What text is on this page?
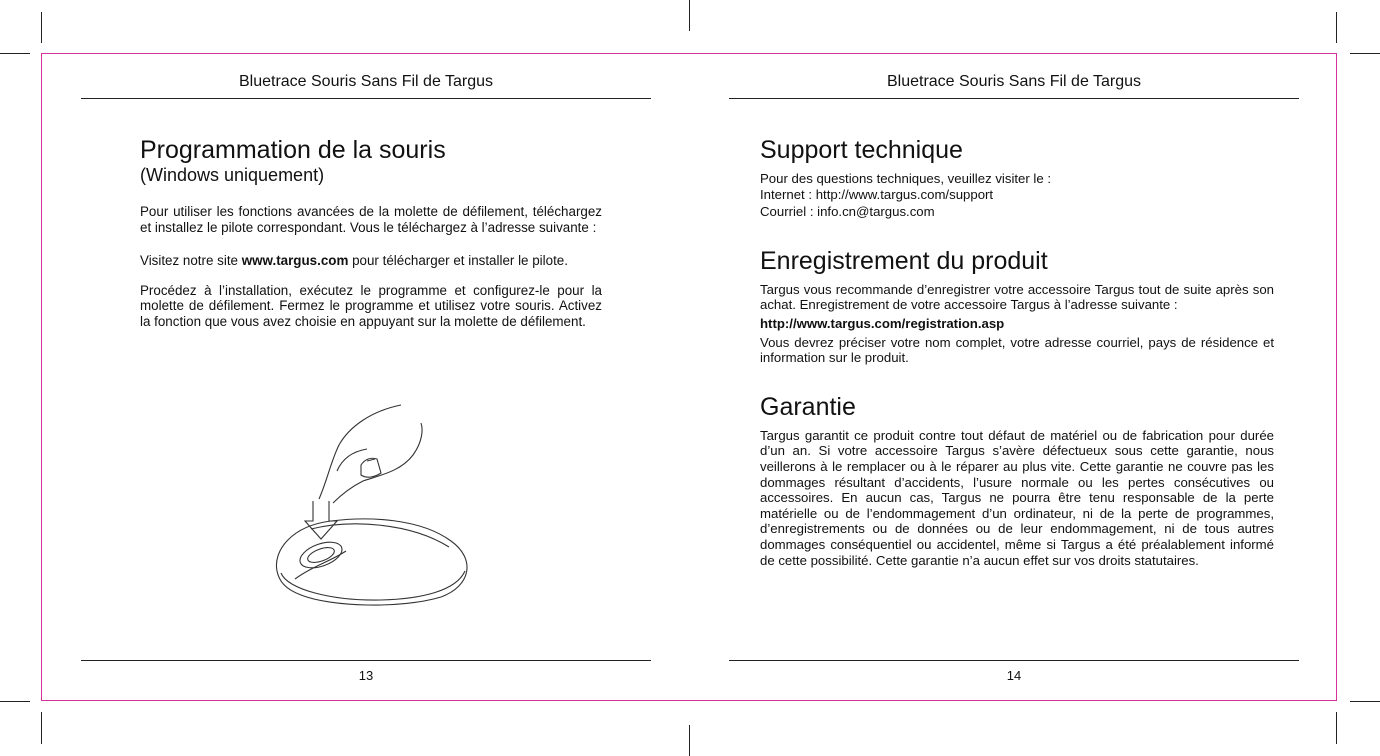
Bluetrace Souris Sans Fil de Targus
Programmation de la souris
(Windows uniquement)

Pour utiliser les fonctions avancées de la molette de défilement, téléchargez et installez le pilote correspondant. Vous le téléchargez à l’adresse suivante :

Visitez notre site www.targus.com pour télécharger et installer le pilote.

Procédez à l’installation, exécutez le programme et configurez-le pour la molette de défilement. Fermez le programme et utilisez votre souris. Activez la fonction que vous avez choisie en appuyant sur la molette de défilement.

13
Bluetrace Souris Sans Fil de Targus
Support technique

Pour des questions techniques, veuillez visiter le :

Internet : http://www.targus.com/support

Courriel : info.cn@targus.com

Enregistrement du produit

Targus vous recommande d’enregistrer votre accessoire Targus tout de suite après son achat. Enregistrement de votre accessoire Targus à l’adresse suivante :

http://www.targus.com/registration.asp

Vous devrez préciser votre nom complet, votre adresse courriel, pays de résidence et information sur le produit.

Garantie

Targus garantit ce produit contre tout défaut de matériel ou de fabrication pour durée d’un an. Si votre accessoire Targus s’avère défectueux sous cette garantie, nous veillerons à le remplacer ou à le réparer au plus vite. Cette garantie ne couvre pas les dommages résultant d’accidents, l’usure normale ou les pertes consécutives ou accessoires. En aucun cas, Targus ne pourra être tenu responsable de la perte matérielle ou de l’endommagement d’un ordinateur, ni de la perte de programmes, d’enregistrements ou de données ou de leur endommagement, ni de tous autres dommages conséquentiel ou accidentel, même si Targus a été préalablement informé de cette possibilité. Cette garantie n’a aucun effet sur vos droits statutaires.

14
